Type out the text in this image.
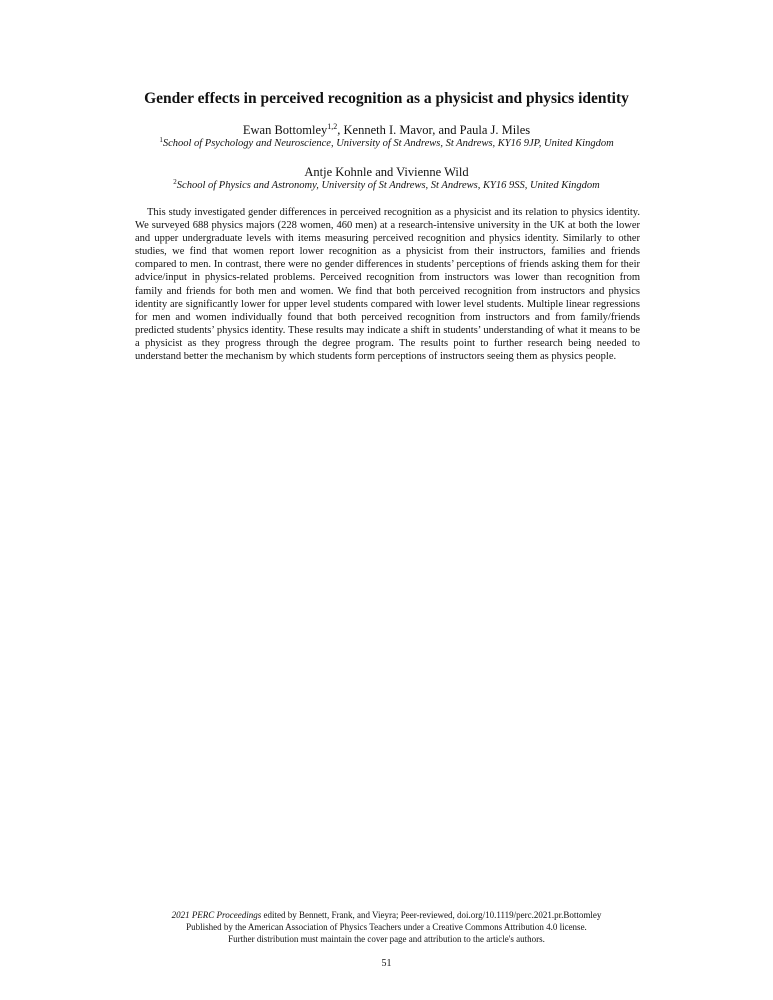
Gender effects in perceived recognition as a physicist and physics identity
Ewan Bottomley$^{1,2}$, Kenneth I. Mavor, and Paula J. Miles
$^1$School of Psychology and Neuroscience, University of St Andrews, St Andrews, KY16 9JP, United Kingdom
Antje Kohnle and Vivienne Wild
$^2$School of Physics and Astronomy, University of St Andrews, St Andrews, KY16 9SS, United Kingdom

This study investigated gender differences in perceived recognition as a physicist and its relation to physics identity. We surveyed 688 physics majors (228 women, 460 men) at a research-intensive university in the UK at both the lower and upper undergraduate levels with items measuring perceived recognition and physics identity. Similarly to other studies, we find that women report lower recognition as a physicist from their instructors, families and friends compared to men. In contrast, there were no gender differences in students’ perceptions of friends asking them for their advice/input in physics-related problems. Perceived recognition from instructors was lower than recognition from family and friends for both men and women. We find that both perceived recognition from instructors and physics identity are significantly lower for upper level students compared with lower level students. Multiple linear regressions for men and women individually found that both perceived recognition from instructors and from family/friends predicted students’ physics identity. These results may indicate a shift in students’ understanding of what it means to be a physicist as they progress through the degree program. The results point to further research being needed to understand better the mechanism by which students form perceptions of instructors seeing them as physics people.

2021 PERC Proceedings edited by Bennett, Frank, and Vieyra; Peer-reviewed, doi.org/10.1119/perc.2021.pr.Bottomley
Published by the American Association of Physics Teachers under a Creative Commons Attribution 4.0 license.
Further distribution must maintain the cover page and attribution to the article's authors.
51
